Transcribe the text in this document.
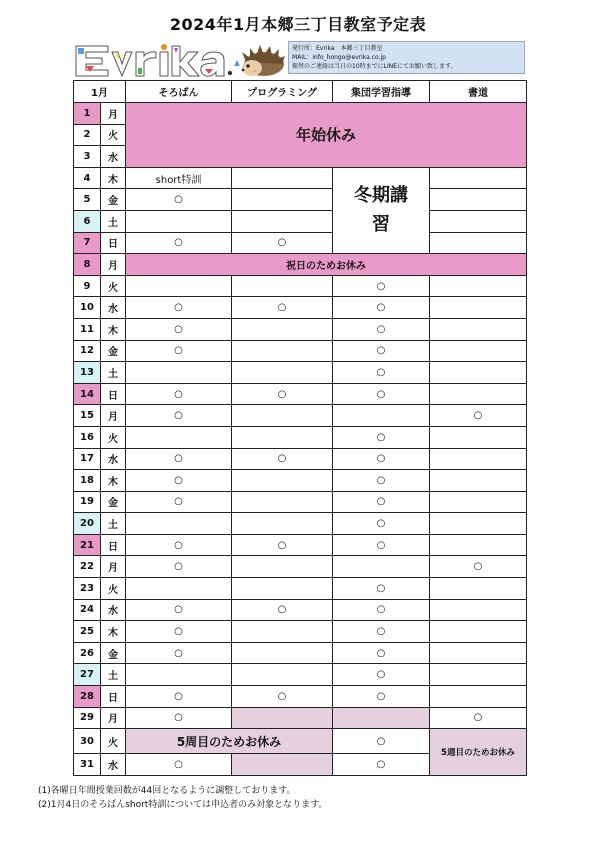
2024年1月本郷三丁目教室予定表
発行所：Evrika　本郷三丁目教室
MAIL：info_hongo@evrika.co.jp
振替のご連絡は当日の10時までにLINEにてお願い致します。
1月		そろばん	プログラミング	集団学習指導	書道
1	月	年始休み			
2	火				
3	水				
4	木	short特訓		冬期講習	

5	金	○			
6	土				
7	日	○	○		
8	月	祝日のためお休み			
9	火			○	
10	水	○	○	○	
11	木	○		○	
12	金	○		○	
13	土			○	
14	日	○	○	○	
15	月	○			○
16	火			○	
17	水	○	○	○	
18	木	○		○	
19	金	○		○	
20	土			○	
21	日	○	○	○	
22	月	○			○
23	火			○	
24	水	○	○	○	
25	木	○		○	
26	金	○		○	
27	土			○	
28	日	○	○	○	
29	月	○			○
30	火	5周目のためお休み		○	5週目のためお休み
31	水	○		○	
(1)各曜日年間授業回数が44回となるように調整しております。
(2)1月4日のそろばんshort特訓については申込者のみ対象となります。
